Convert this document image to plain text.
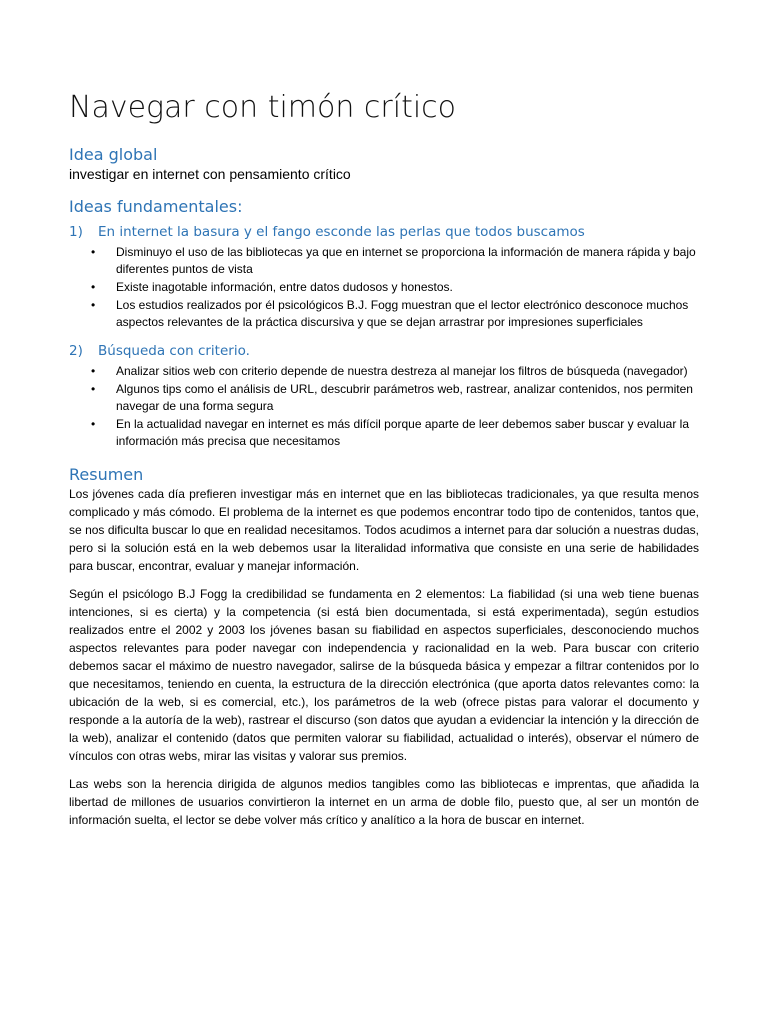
Navegar con timón crítico
Idea global

investigar en internet con pensamiento crítico

Ideas fundamentales:

1) En internet la basura y el fango esconde las perlas que todos buscamos

• Disminuyo el uso de las bibliotecas ya que en internet se proporciona la información de manera rápida y bajo diferentes puntos de vista
• Existe inagotable información, entre datos dudosos y honestos.
• Los estudios realizados por él psicológicos B.J. Fogg muestran que el lector electrónico desconoce muchos aspectos relevantes de la práctica discursiva y que se dejan arrastrar por impresiones superficiales

2) Búsqueda con criterio.

• Analizar sitios web con criterio depende de nuestra destreza al manejar los filtros de búsqueda (navegador)
• Algunos tips como el análisis de URL, descubrir parámetros web, rastrear, analizar contenidos, nos permiten navegar de una forma segura
• En la actualidad navegar en internet es más difícil porque aparte de leer debemos saber buscar y evaluar la información más precisa que necesitamos
Resumen

Los jóvenes cada día prefieren investigar más en internet que en las bibliotecas tradicionales, ya que resulta menos complicado y más cómodo. El problema de la internet es que podemos encontrar todo tipo de contenidos, tantos que, se nos dificulta buscar lo que en realidad necesitamos. Todos acudimos a internet para dar solución a nuestras dudas, pero si la solución está en la web debemos usar la literalidad informativa que consiste en una serie de habilidades para buscar, encontrar, evaluar y manejar información.

Según el psicólogo B.J Fogg la credibilidad se fundamenta en 2 elementos: La fiabilidad (si una web tiene buenas intenciones, si es cierta) y la competencia (si está bien documentada, si está experimentada), según estudios realizados entre el 2002 y 2003 los jóvenes basan su fiabilidad en aspectos superficiales, desconociendo muchos aspectos relevantes para poder navegar con independencia y racionalidad en la web. Para buscar con criterio debemos sacar el máximo de nuestro navegador, salirse de la búsqueda básica y empezar a filtrar contenidos por lo que necesitamos, teniendo en cuenta, la estructura de la dirección electrónica (que aporta datos relevantes como: la ubicación de la web, si es comercial, etc.), los parámetros de la web (ofrece pistas para valorar el documento y responde a la autoría de la web), rastrear el discurso (son datos que ayudan a evidenciar la intención y la dirección de la web), analizar el contenido (datos que permiten valorar su fiabilidad, actualidad o interés), observar el número de vínculos con otras webs, mirar las visitas y valorar sus premios.

Las webs son la herencia dirigida de algunos medios tangibles como las bibliotecas e imprentas, que añadida la libertad de millones de usuarios convirtieron la internet en un arma de doble filo, puesto que, al ser un montón de información suelta, el lector se debe volver más crítico y analítico a la hora de buscar en internet.
